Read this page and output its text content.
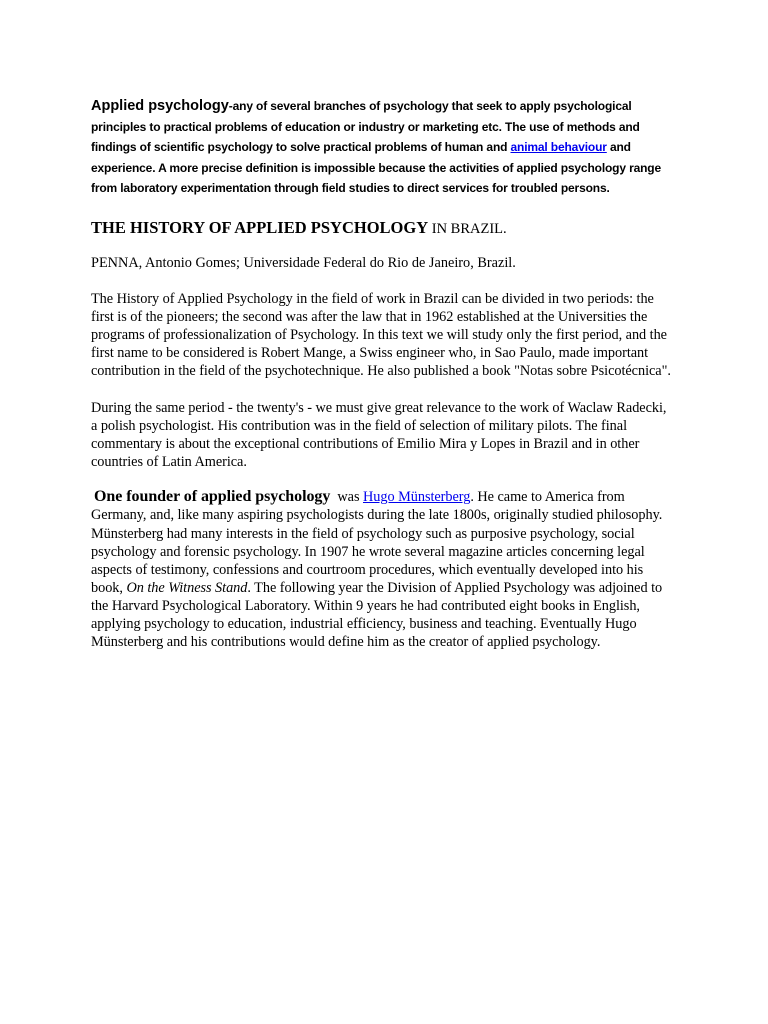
Applied psychology-any of several branches of psychology that seek to apply psychological principles to practical problems of education or industry or marketing etc. The use of methods and findings of scientific psychology to solve practical problems of human and animal behaviour and experience. A more precise definition is impossible because the activities of applied psychology range from laboratory experimentation through field studies to direct services for troubled persons.

THE HISTORY OF APPLIED PSYCHOLOGY IN BRAZIL.

PENNA, Antonio Gomes; Universidade Federal do Rio de Janeiro, Brazil.

The History of Applied Psychology in the field of work in Brazil can be divided in two periods: the first is of the pioneers; the second was after the law that in 1962 established at the Universities the programs of professionalization of Psychology. In this text we will study only the first period, and the first name to be considered is Robert Mange, a Swiss engineer who, in Sao Paulo, made important contribution in the field of the psychotechnique. He also published a book "Notas sobre Psicotécnica".

During the same period - the twenty's - we must give great relevance to the work of Waclaw Radecki, a polish psychologist. His contribution was in the field of selection of military pilots. The final commentary is about the exceptional contributions of Emilio Mira y Lopes in Brazil and in other countries of Latin America.

One founder of applied psychology  was Hugo Münsterberg. He came to America from Germany, and, like many aspiring psychologists during the late 1800s, originally studied philosophy. Münsterberg had many interests in the field of psychology such as purposive psychology, social psychology and forensic psychology. In 1907 he wrote several magazine articles concerning legal aspects of testimony, confessions and courtroom procedures, which eventually developed into his book, On the Witness Stand. The following year the Division of Applied Psychology was adjoined to the Harvard Psychological Laboratory. Within 9 years he had contributed eight books in English, applying psychology to education, industrial efficiency, business and teaching. Eventually Hugo Münsterberg and his contributions would define him as the creator of applied psychology.
